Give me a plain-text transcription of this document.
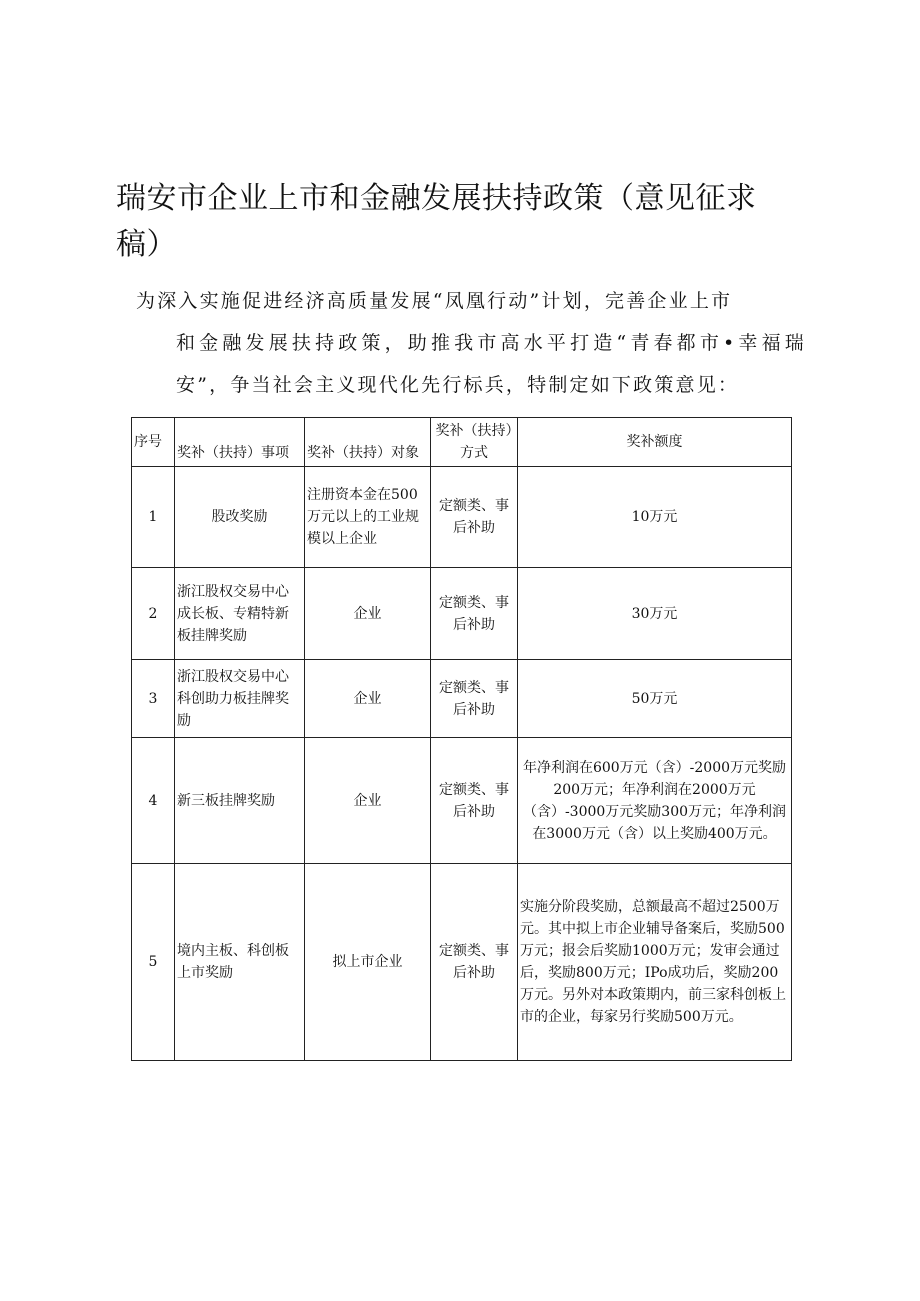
瑞安市企业上市和金融发展扶持政策（意见征求稿）

为深入实施促进经济高质量发展“凤凰行动”计划，完善企业上市
和金融发展扶持政策，助推我市高水平打造“青春都市•幸福瑞安”，争当社会主义现代化先行标兵，特制定如下政策意见：

序号	奖补（扶持）事项	奖补（扶持）对象	奖补（扶持）方式	奖补额度
1	股改奖励	注册资本金在500万元以上的工业规模以上企业	定额类、事后补助	10万元
2	浙江股权交易中心成长板、专精特新板挂牌奖励	企业	定额类、事后补助	30万元
3	浙江股权交易中心科创助力板挂牌奖励	企业	定额类、事后补助	50万元
4	新三板挂牌奖励	企业	定额类、事后补助	年净利润在600万元（含）-2000万元奖励200万元；年净利润在2000万元（含）-3000万元奖励300万元；年净利润在3000万元（含）以上奖励400万元。
5	境内主板、科创板上市奖励	拟上市企业	定额类、事后补助	实施分阶段奖励，总额最高不超过2500万元。其中拟上市企业辅导备案后，奖励500万元；报会后奖励1000万元；发审会通过后，奖励800万元；IPo成功后，奖励200万元。另外对本政策期内，前三家科创板上市的企业，每家另行奖励500万元。
